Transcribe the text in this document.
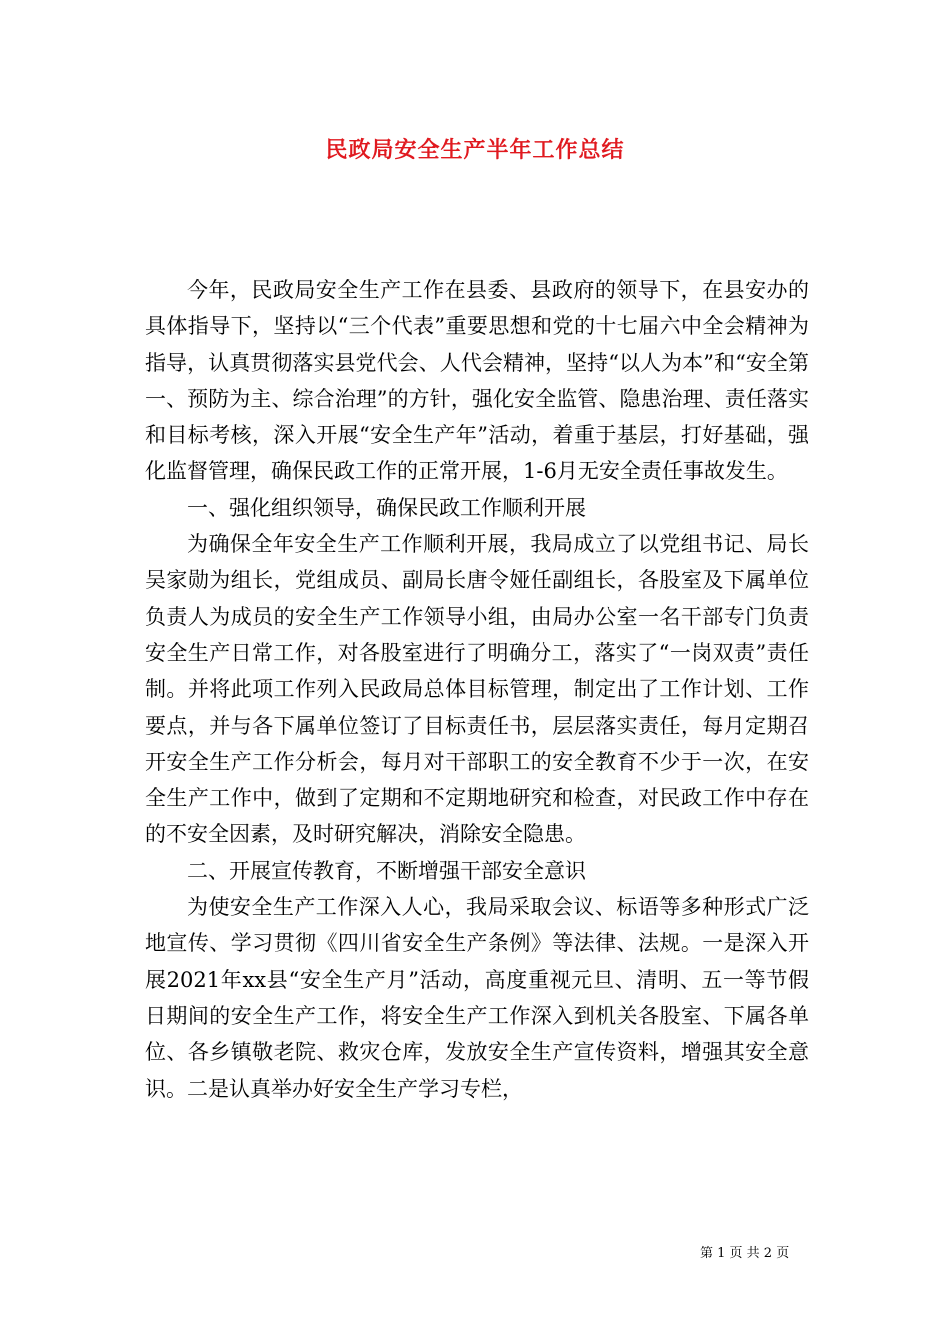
民政局安全生产半年工作总结

今年，民政局安全生产工作在县委、县政府的领导下，在县安办的具体指导下，坚持以“三个代表”重要思想和党的十七届六中全会精神为指导，认真贯彻落实县党代会、人代会精神，坚持“以人为本”和“安全第一、预防为主、综合治理”的方针，强化安全监管、隐患治理、责任落实和目标考核，深入开展“安全生产年”活动，着重于基层，打好基础，强化监督管理，确保民政工作的正常开展，1-6月无安全责任事故发生。

一、强化组织领导，确保民政工作顺利开展

为确保全年安全生产工作顺利开展，我局成立了以党组书记、局长吴家勋为组长，党组成员、副局长唐令娅任副组长，各股室及下属单位负责人为成员的安全生产工作领导小组，由局办公室一名干部专门负责安全生产日常工作，对各股室进行了明确分工，落实了“一岗双责”责任制。并将此项工作列入民政局总体目标管理，制定出了工作计划、工作要点，并与各下属单位签订了目标责任书，层层落实责任，每月定期召开安全生产工作分析会，每月对干部职工的安全教育不少于一次，在安全生产工作中，做到了定期和不定期地研究和检查，对民政工作中存在的不安全因素，及时研究解决，消除安全隐患。

二、开展宣传教育，不断增强干部安全意识

为使安全生产工作深入人心，我局采取会议、标语等多种形式广泛地宣传、学习贯彻《四川省安全生产条例》等法律、法规。一是深入开展2021年xx县“安全生产月”活动，高度重视元旦、清明、五一等节假日期间的安全生产工作，将安全生产工作深入到机关各股室、下属各单位、各乡镇敬老院、救灾仓库，发放安全生产宣传资料，增强其安全意识。二是认真举办好安全生产学习专栏，

第 1 页 共 2 页
